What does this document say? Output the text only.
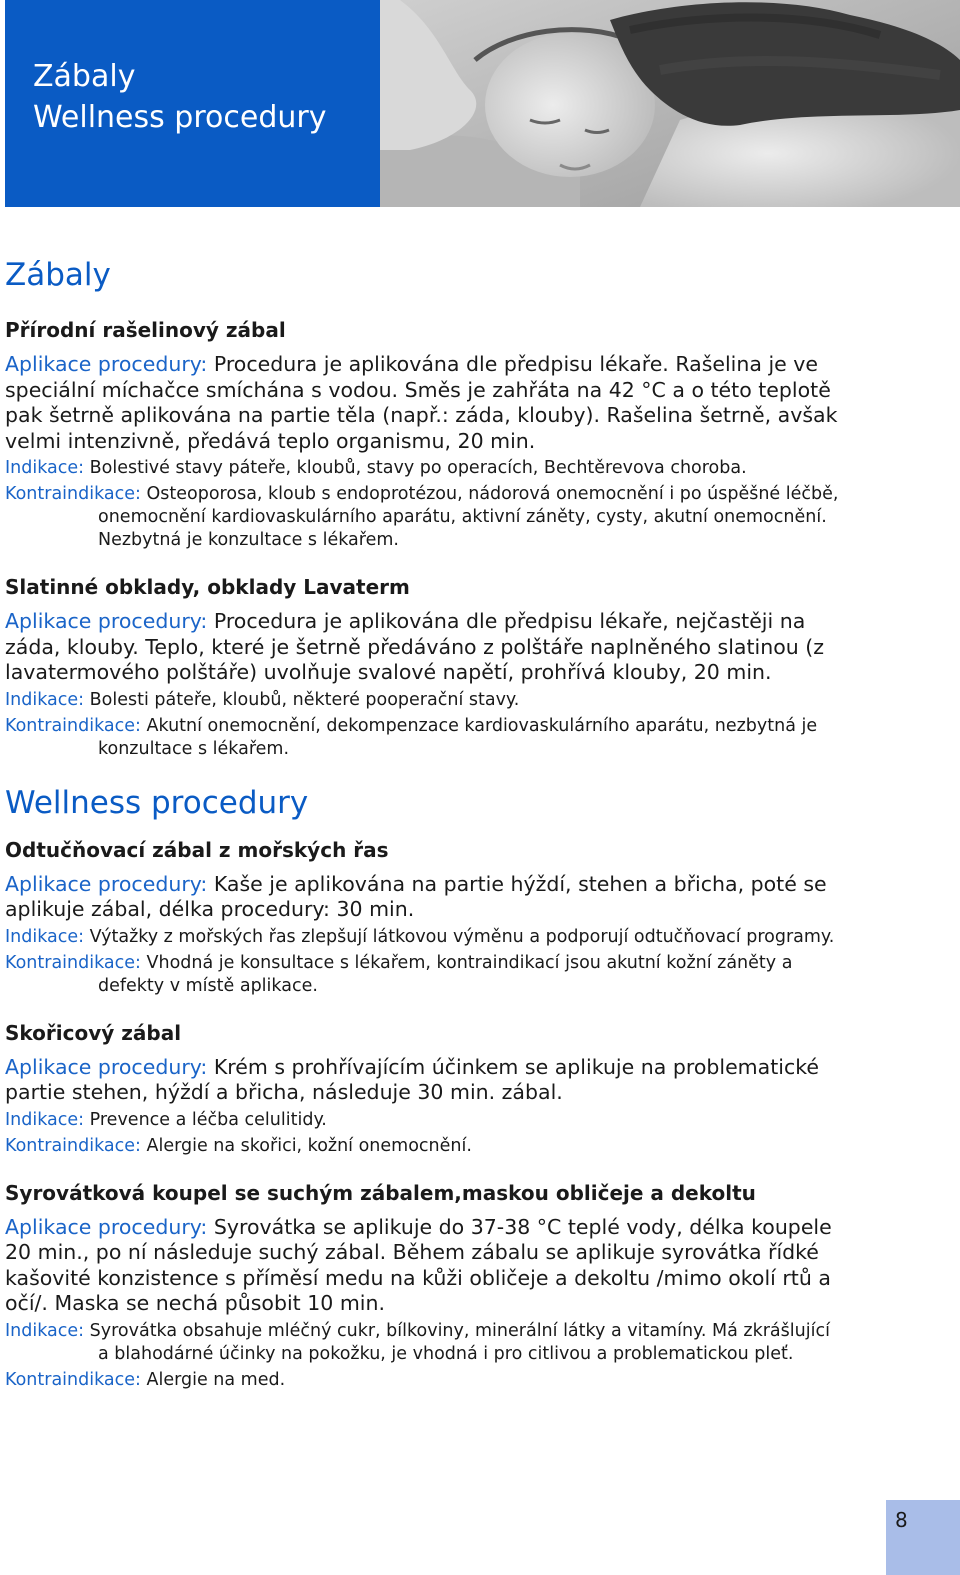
Zábaly
Wellness procedury
Zábaly
Přírodní rašelinový zábal

Aplikace procedury: Procedura je aplikována dle předpisu lékaře. Rašelina je ve speciální míchačce smíchána s vodou. Směs je zahřáta na 42 °C a o této teplotě pak šetrně aplikována na partie těla (např.: záda, klouby). Rašelina šetrně, avšak velmi intenzivně, předává teplo organismu, 20 min.

Indikace: Bolestivé stavy páteře, kloubů, stavy po operacích, Bechtěrevova choroba.

Kontraindikace: Osteoporosa, kloub s endoprotézou, nádorová onemocnění i po úspěšné léčbě, onemocnění kardiovaskulárního aparátu, aktivní záněty, cysty, akutní onemocnění. Nezbytná je konzultace s lékařem.

Slatinné obklady, obklady Lavaterm

Aplikace procedury: Procedura je aplikována dle předpisu lékaře, nejčastěji na záda, klouby. Teplo, které je šetrně předáváno z polštáře naplněného slatinou (z lavatermového polštáře) uvolňuje svalové napětí, prohřívá klouby, 20 min.

Indikace: Bolesti páteře, kloubů, některé pooperační stavy.

Kontraindikace: Akutní onemocnění, dekompenzace kardiovaskulárního aparátu, nezbytná je konzultace s lékařem.

Wellness procedury
Odtučňovací zábal z mořských řas

Aplikace procedury: Kaše je aplikována na partie hýždí, stehen a břicha, poté se aplikuje zábal, délka procedury: 30 min.

Indikace: Výtažky z mořských řas zlepšují látkovou výměnu a podporují odtučňovací programy.

Kontraindikace: Vhodná je konsultace s lékařem, kontraindikací jsou akutní kožní záněty a defekty v místě aplikace.

Skořicový zábal

Aplikace procedury: Krém s prohřívajícím účinkem se aplikuje na problematické partie stehen, hýždí a břicha, následuje 30 min. zábal.

Indikace: Prevence a léčba celulitidy.

Kontraindikace: Alergie na skořici, kožní onemocnění.

Syrovátková koupel se suchým zábalem,maskou obličeje a dekoltu

Aplikace procedury: Syrovátka se aplikuje do 37-38 °C teplé vody, délka koupele 20 min., po ní následuje suchý zábal. Během zábalu se aplikuje syrovátka řídké kašovité konzistence s příměsí medu na kůži obličeje a dekoltu /mimo okolí rtů a očí/. Maska se nechá působit 10 min.

Indikace: Syrovátka obsahuje mléčný cukr, bílkoviny, minerální látky a vitamíny. Má zkrášlující a blahodárné účinky na pokožku, je vhodná i pro citlivou a problematickou pleť.

Kontraindikace: Alergie na med.

8
